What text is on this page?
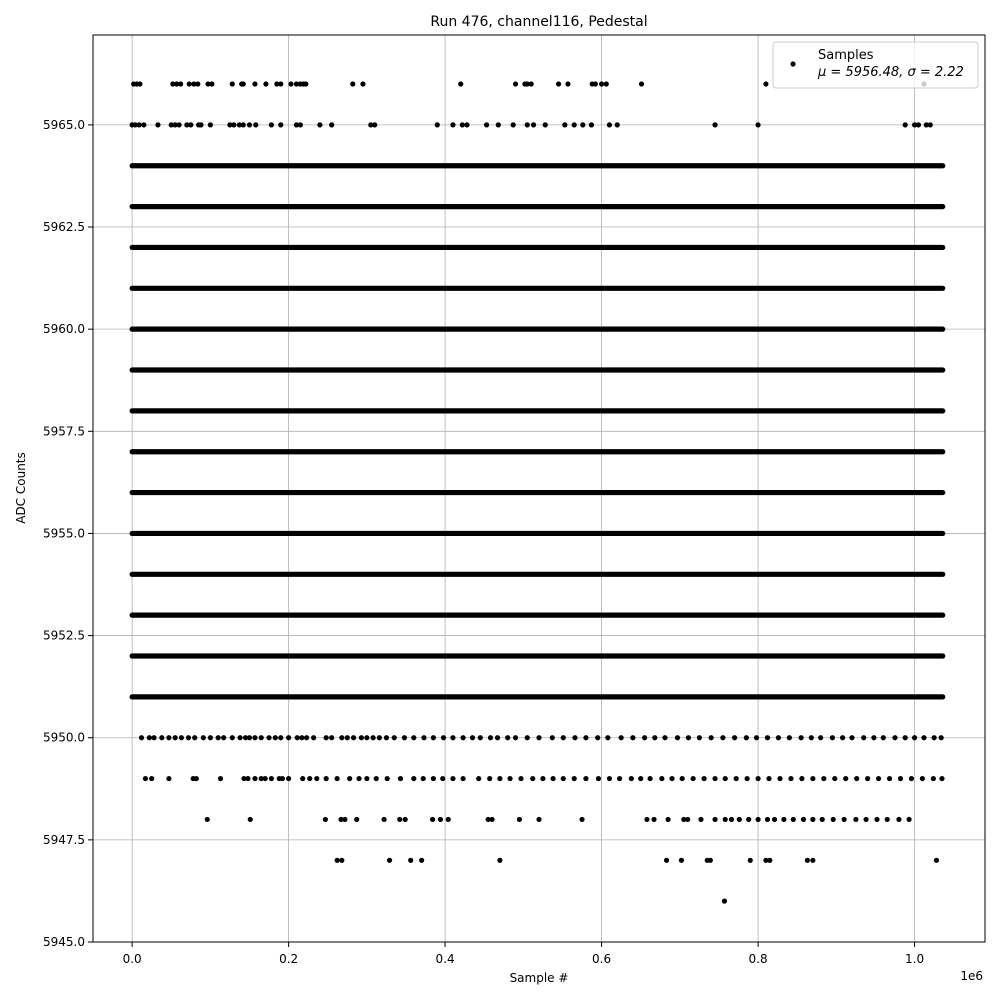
Run 476, channel116, Pedestal
0.0	0.2	0.4	0.6	0.8	1.0
5945.0
5947.5
5950.0
5952.5
5955.0
5957.5
5960.0
5962.5
5965.0
1e6
Sample #
ADC Counts
Samples
μ = 5956.48, σ = 2.22
